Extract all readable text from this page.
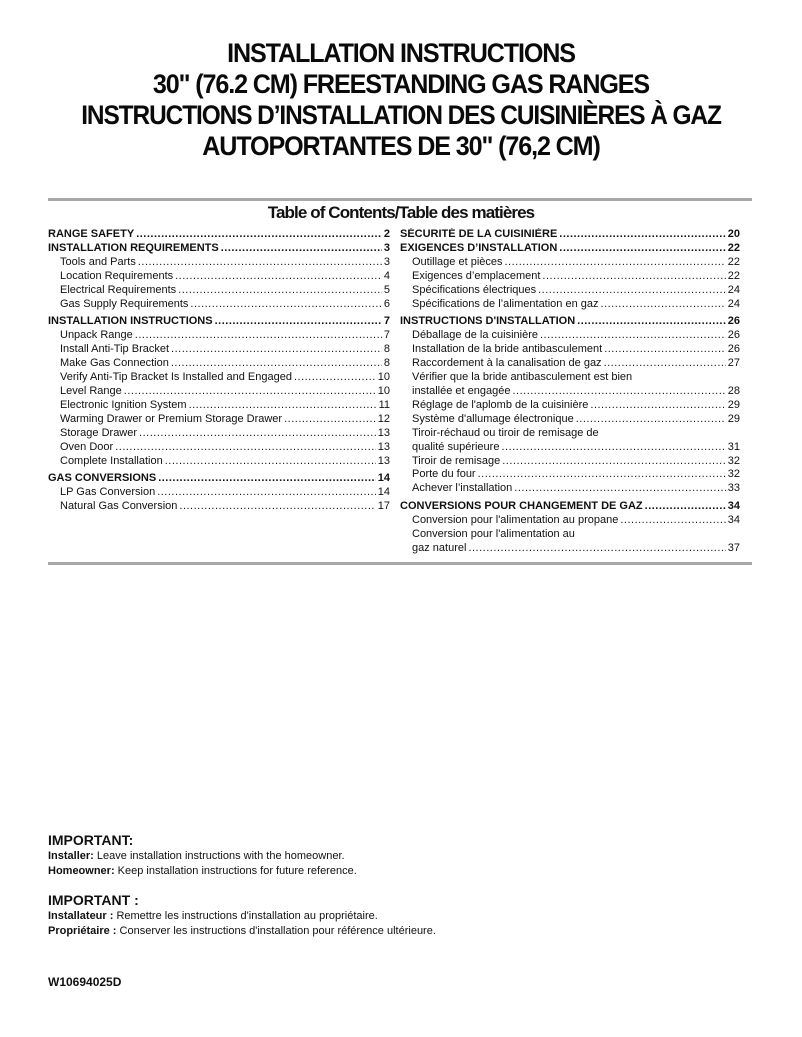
INSTALLATION INSTRUCTIONS
30" (76.2 CM) FREESTANDING GAS RANGES
INSTRUCTIONS D’INSTALLATION DES CUISINIÈRES À GAZ
AUTOPORTANTES DE 30" (76,2 CM)
Table of Contents/Table des matières
RANGE SAFETY .....	2
INSTALLATION REQUIREMENTS .....	3
Tools and Parts .....	3
Location Requirements .....	4
Electrical Requirements .....	5
Gas Supply Requirements .....	6
INSTALLATION INSTRUCTIONS .....	7
Unpack Range .....	7
Install Anti-Tip Bracket .....	8
Make Gas Connection .....	8
Verify Anti-Tip Bracket Is Installed and Engaged .....	10
Level Range .....	10
Electronic Ignition System .....	11
Warming Drawer or Premium Storage Drawer .....	12
Storage Drawer .....	13
Oven Door .....	13
Complete Installation .....	13
GAS CONVERSIONS .....	14
LP Gas Conversion .....	14
Natural Gas Conversion .....	17
SÉCURITÉ DE LA CUISINIÈRE .....	20
EXIGENCES D’INSTALLATION .....	22
Outillage et pièces .....	22
Exigences d’emplacement .....	22
Spécifications électriques .....	24
Spécifications de l’alimentation en gaz .....	24
INSTRUCTIONS D'INSTALLATION .....	26
Déballage de la cuisinière .....	26
Installation de la bride antibasculement .....	26
Raccordement à la canalisation de gaz .....	27
Vérifier que la bride antibasculement est bien
installée et engagée .....	28
Réglage de l'aplomb de la cuisinière .....	29
Système d'allumage électronique .....	29
Tiroir-réchaud ou tiroir de remisage de
qualité supérieure .....	31
Tiroir de remisage .....	32
Porte du four .....	32
Achever l’installation .....	33
CONVERSIONS POUR CHANGEMENT DE GAZ .....	34
Conversion pour l'alimentation au propane .....	34
Conversion pour l'alimentation au
gaz naturel .....	37
IMPORTANT:
Installer: Leave installation instructions with the homeowner.
Homeowner: Keep installation instructions for future reference.
IMPORTANT :
Installateur : Remettre les instructions d'installation au propriétaire.
Propriétaire : Conserver les instructions d'installation pour référence ultérieure.
W10694025D
